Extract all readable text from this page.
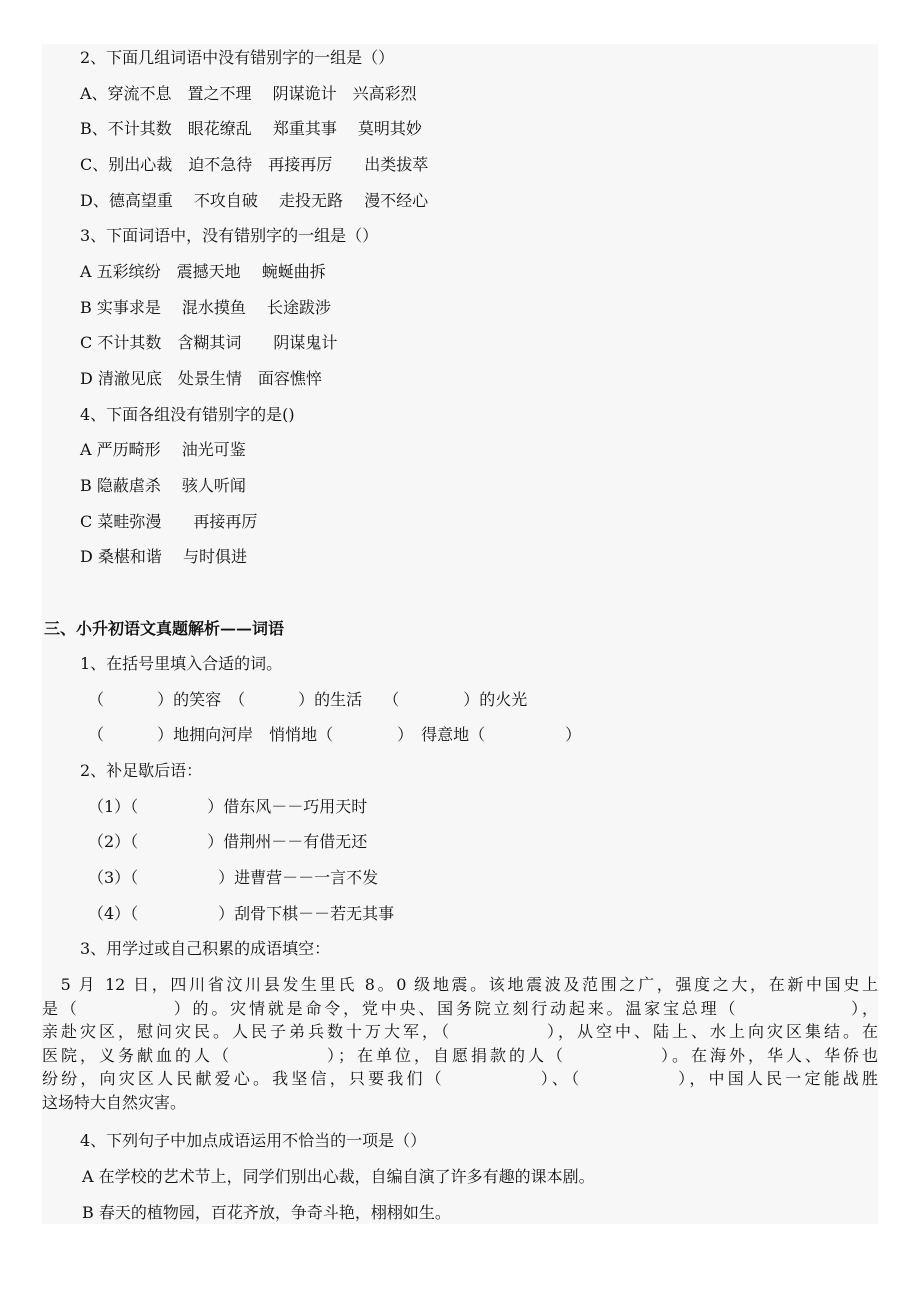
2、下面几组词语中没有错别字的一组是（）
A、穿流不息　置之不理　 阴谋诡计　兴高彩烈
B、不计其数　眼花缭乱　 郑重其事　 莫明其妙
C、别出心裁　迫不急待　再接再厉　　出类拔萃
D、德高望重　 不攻自破　 走投无路　 漫不经心
3、下面词语中，没有错别字的一组是（）
A 五彩缤纷　震撼天地　 蜿蜒曲拆
B 实事求是　 混水摸鱼　 长途跋涉
C 不计其数　含糊其词　　阴谋鬼计
D 清澈见底　处景生情　面容憔悴
4、下面各组没有错别字的是()
A 严历畸形　 油光可鉴
B 隐蔽虐杀　 骇人听闻
C 菜畦弥漫　　再接再厉
D 桑椹和谐　 与时俱进
三、小升初语文真题解析——词语
1、在括号里填入合适的词。
（　　　 ）的笑容　（　　　 ）的生活　 （　　　　）的火光
（　　　 ）地拥向河岸　悄悄地（　　　　）　得意地（　　　　　）
2、补足歇后语：
（1）（　　　　 ）借东风－－巧用天时
（2）（　　　　 ）借荆州－－有借无还
（3）（　　　　　）进曹营－－一言不发
（4）（　　　　　）刮骨下棋－－若无其事
3、用学过或自己积累的成语填空：
　5 月 12 日，四川省汶川县发生里氏 8。0 级地震。该地震波及范围之广，强度之大，在新中国史上
是（　　　　　）的。灾情就是命令，党中央、国务院立刻行动起来。温家宝总理（　　　　　　），
亲赴灾区，慰问灾民。人民子弟兵数十万大军，（　　　　　），从空中、陆上、水上向灾区集结。在
医院，义务献血的人（　　　　　）；在单位，自愿捐款的人（　　　　　）。在海外，华人、华侨也
纷纷，向灾区人民献爱心。我坚信，只要我们（　　　　　）、（　　　　　），中国人民一定能战胜
这场特大自然灾害。
4、下列句子中加点成语运用不恰当的一项是（）
A 在学校的艺术节上，同学们别出心裁，自编自演了许多有趣的课本剧。
B 春天的植物园，百花齐放，争奇斗艳，栩栩如生。
